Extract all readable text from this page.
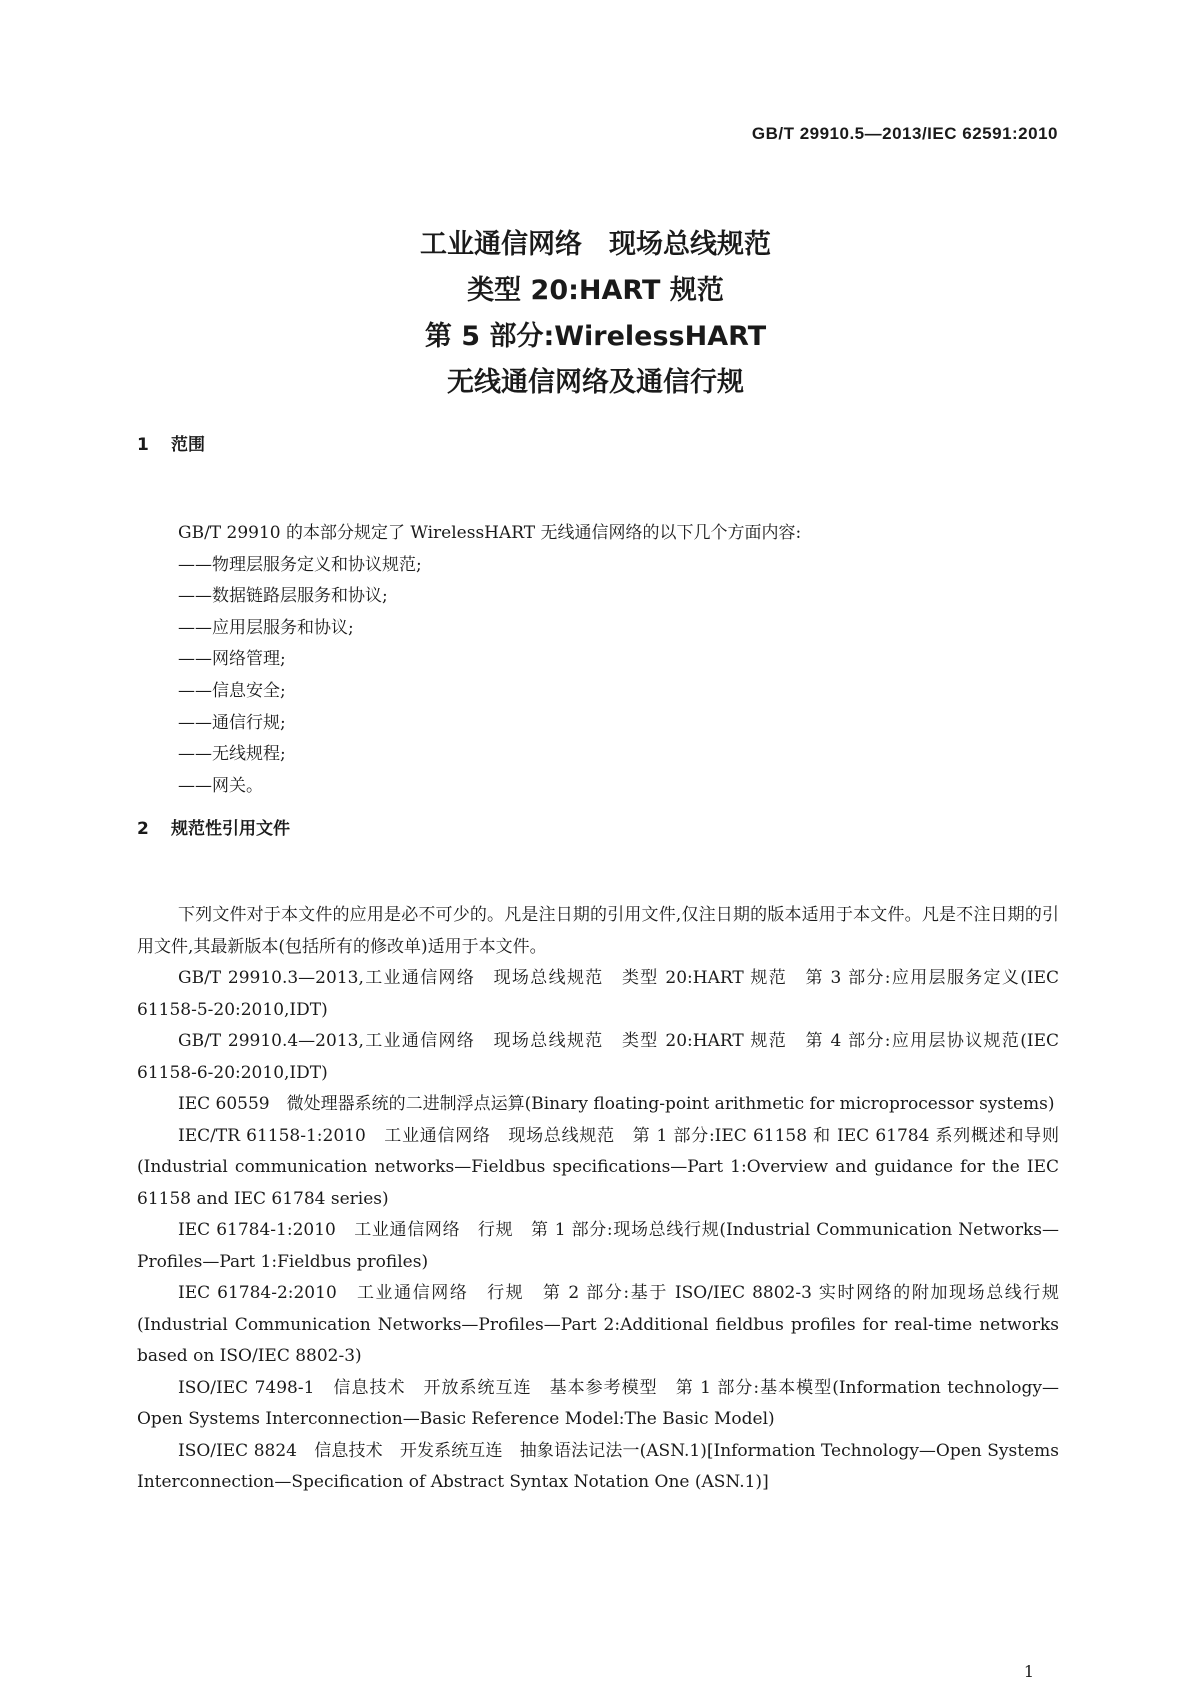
GB/T 29910.5—2013/IEC 62591:2010
工业通信网络　现场总线规范
类型 20:HART 规范
第 5 部分:WirelessHART
无线通信网络及通信行规
1 范围
GB/T 29910 的本部分规定了 WirelessHART 无线通信网络的以下几个方面内容:
——物理层服务定义和协议规范;
——数据链路层服务和协议;
——应用层服务和协议;
——网络管理;
——信息安全;
——通信行规;
——无线规程;
——网关。
2 规范性引用文件

下列文件对于本文件的应用是必不可少的。凡是注日期的引用文件,仅注日期的版本适用于本文件。凡是不注日期的引用文件,其最新版本(包括所有的修改单)适用于本文件。

GB/T 29910.3—2013,工业通信网络　现场总线规范　类型 20:HART 规范　第 3 部分:应用层服务定义(IEC 61158-5-20:2010,IDT)

GB/T 29910.4—2013,工业通信网络　现场总线规范　类型 20:HART 规范　第 4 部分:应用层协议规范(IEC 61158-6-20:2010,IDT)

IEC 60559　微处理器系统的二进制浮点运算(Binary floating-point arithmetic for microprocessor systems)

IEC/TR 61158-1:2010　工业通信网络　现场总线规范　第 1 部分:IEC 61158 和 IEC 61784 系列概述和导则(Industrial communication networks—Fieldbus specifications—Part 1:Overview and guidance for the IEC 61158 and IEC 61784 series)

IEC 61784-1:2010　工业通信网络　行规　第 1 部分:现场总线行规(Industrial Communication Networks—Profiles—Part 1:Fieldbus profiles)

IEC 61784-2:2010　工业通信网络　行规　第 2 部分:基于 ISO/IEC 8802-3 实时网络的附加现场总线行规(Industrial Communication Networks—Profiles—Part 2:Additional fieldbus profiles for real-time networks based on ISO/IEC 8802-3)

ISO/IEC 7498-1　信息技术　开放系统互连　基本参考模型　第 1 部分:基本模型(Information technology—Open Systems Interconnection—Basic Reference Model:The Basic Model)

ISO/IEC 8824　信息技术　开发系统互连　抽象语法记法一(ASN.1)[Information Technology—Open Systems Interconnection—Specification of Abstract Syntax Notation One (ASN.1)]

1
